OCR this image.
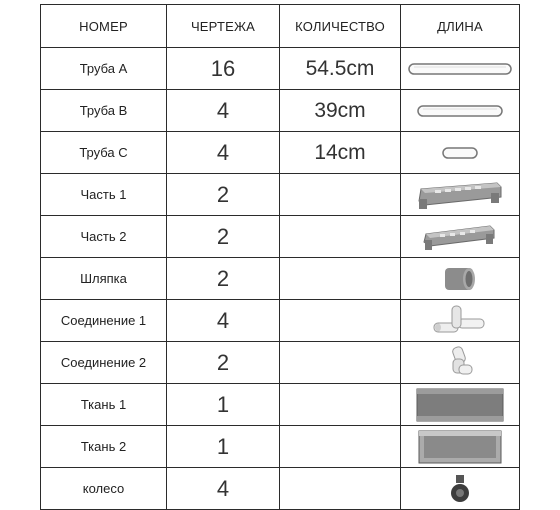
НОМЕР	ЧЕРТЕЖА	КОЛИЧЕСТВО	ДЛИНА
Труба А	16	54.5cm	

Труба В	4	39cm	

Труба С	4	14cm	

Часть 1	2		

Часть 2	2		

Шляпка	2		

Соединение 1	4		

Соединение 2	2		

Ткань 1	1		

Ткань 2	1		

колесо	4		
